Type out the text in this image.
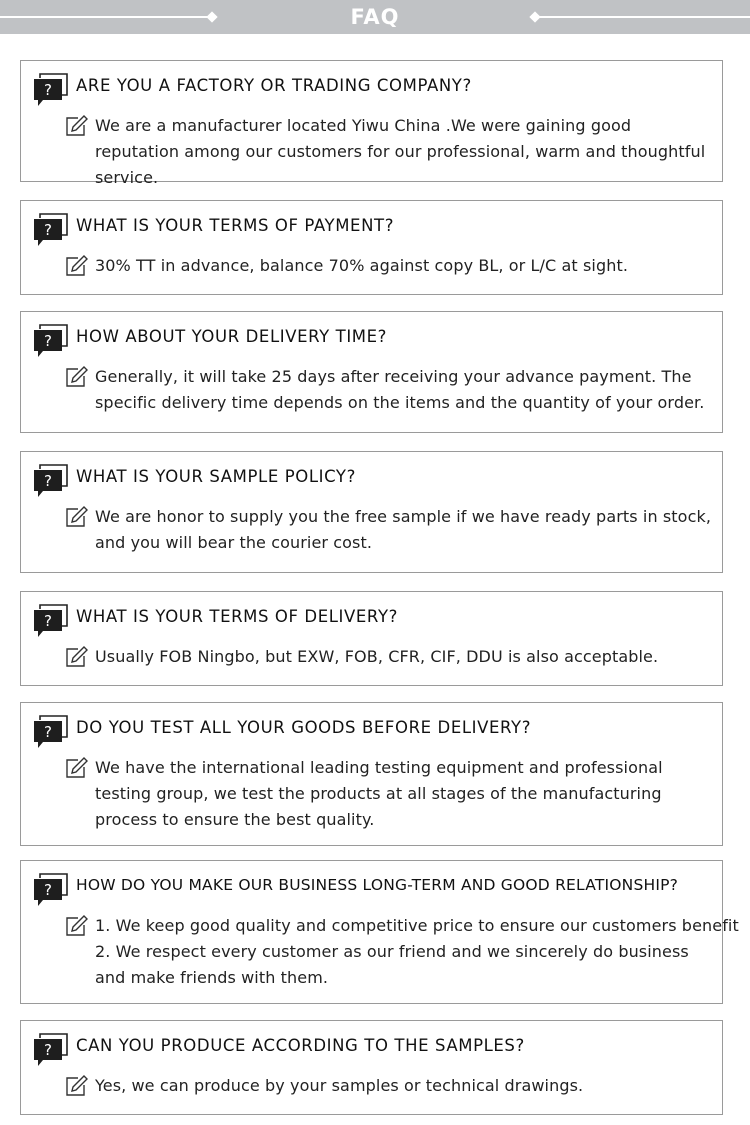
FAQ
? ARE YOU A FACTORY OR TRADING COMPANY?
We are a manufacturer located Yiwu China .We were gaining good reputation among our customers for our professional, warm and thoughtful service.
? WHAT IS YOUR TERMS OF PAYMENT?
30% TT in advance, balance 70% against copy BL, or L/C at sight.
? HOW ABOUT YOUR DELIVERY TIME?
Generally, it will take 25 days after receiving your advance payment. The specific delivery time depends on the items and the quantity of your order.
? WHAT IS YOUR SAMPLE POLICY?
We are honor to supply you the free sample if we have ready parts in stock, and you will bear the courier cost.
? WHAT IS YOUR TERMS OF DELIVERY?
Usually FOB Ningbo, but EXW, FOB, CFR, CIF, DDU is also acceptable.
? DO YOU TEST ALL YOUR GOODS BEFORE DELIVERY?
We have the international leading testing equipment and professional testing group, we test the products at all stages of the manufacturing process to ensure the best quality.
? HOW DO YOU MAKE OUR BUSINESS LONG-TERM AND GOOD RELATIONSHIP?
1. We keep good quality and competitive price to ensure our customers benefit
2. We respect every customer as our friend and we sincerely do business and make friends with them.
? CAN YOU PRODUCE ACCORDING TO THE SAMPLES?
Yes, we can produce by your samples or technical drawings.
